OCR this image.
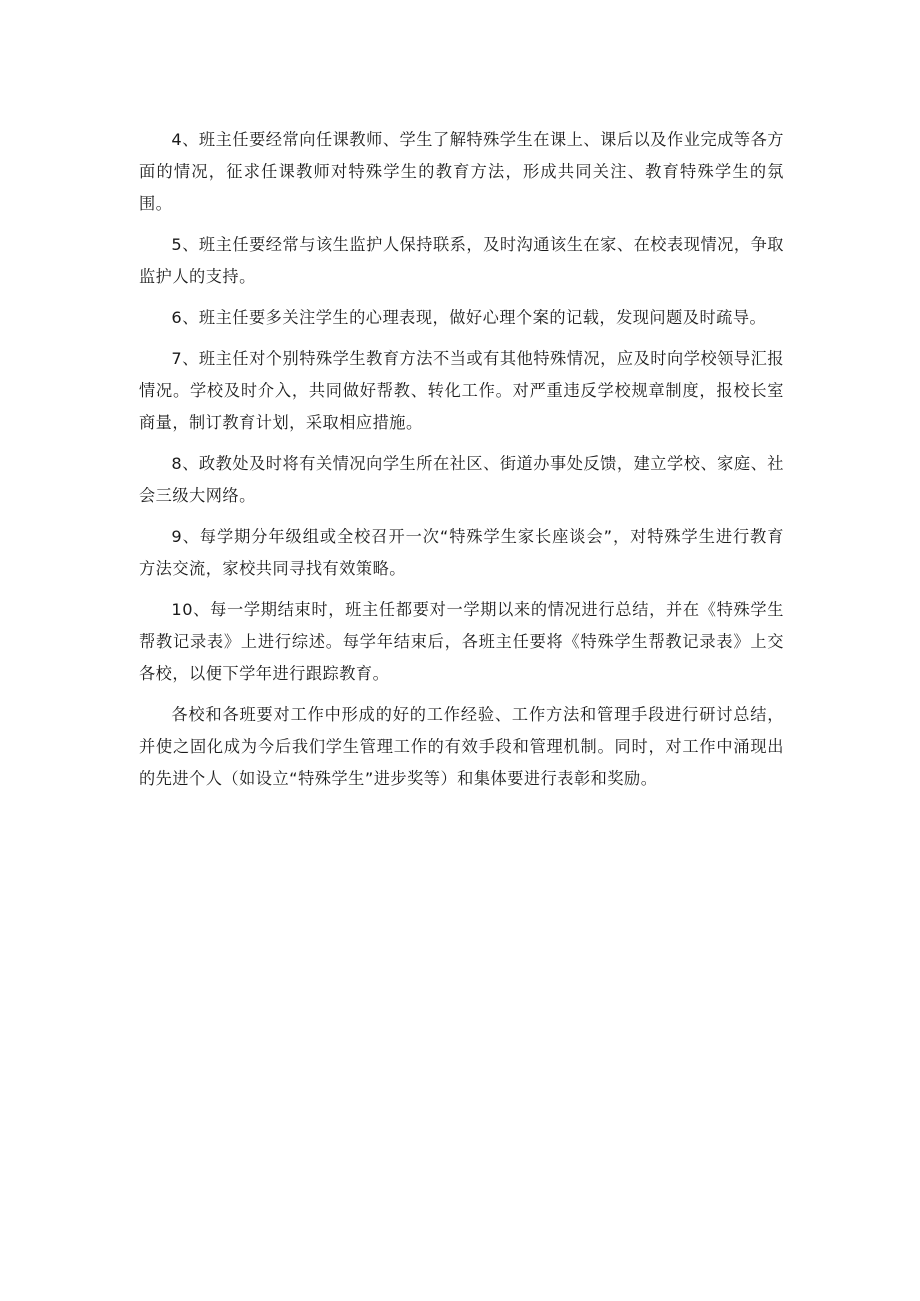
4、班主任要经常向任课教师、学生了解特殊学生在课上、课后以及作业完成等各方面的情况，征求任课教师对特殊学生的教育方法，形成共同关注、教育特殊学生的氛围。

5、班主任要经常与该生监护人保持联系，及时沟通该生在家、在校表现情况，争取监护人的支持。

6、班主任要多关注学生的心理表现，做好心理个案的记载，发现问题及时疏导。

7、班主任对个别特殊学生教育方法不当或有其他特殊情况，应及时向学校领导汇报情况。学校及时介入，共同做好帮教、转化工作。对严重违反学校规章制度，报校长室商量，制订教育计划，采取相应措施。

8、政教处及时将有关情况向学生所在社区、街道办事处反馈，建立学校、家庭、社会三级大网络。

9、每学期分年级组或全校召开一次“特殊学生家长座谈会”，对特殊学生进行教育方法交流，家校共同寻找有效策略。

10、每一学期结束时，班主任都要对一学期以来的情况进行总结，并在《特殊学生帮教记录表》上进行综述。每学年结束后，各班主任要将《特殊学生帮教记录表》上交各校，以便下学年进行跟踪教育。

各校和各班要对工作中形成的好的工作经验、工作方法和管理手段进行研讨总结，并使之固化成为今后我们学生管理工作的有效手段和管理机制。同时，对工作中涌现出的先进个人（如设立“特殊学生”进步奖等）和集体要进行表彰和奖励。
